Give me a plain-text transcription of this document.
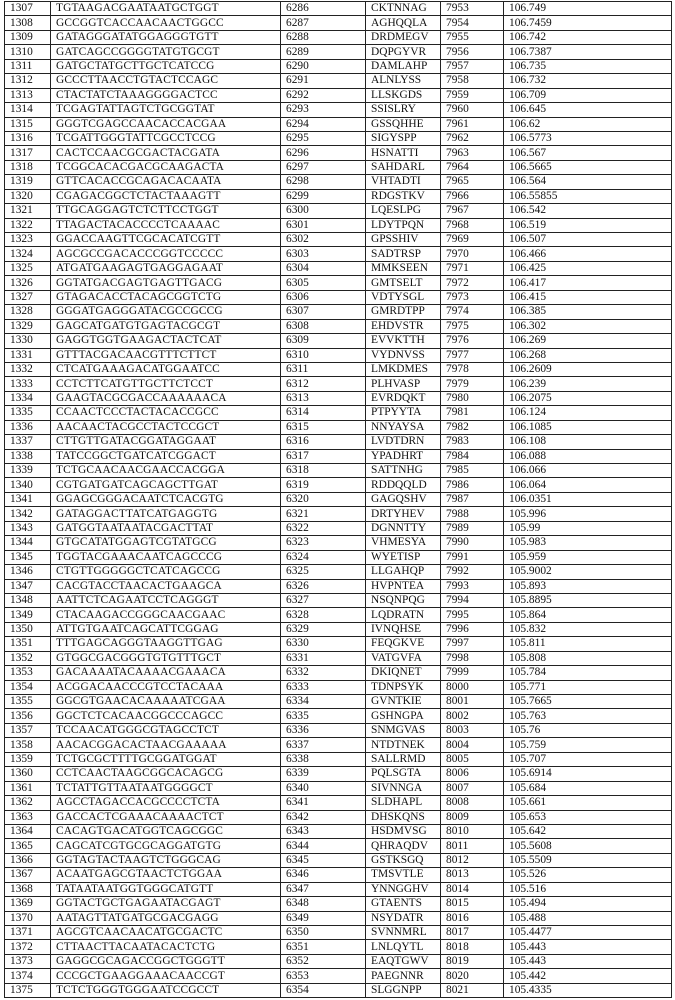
1307	TGTAAGACGAATAATGCTGGT	6286	CKTNNAG	7953	106.749
1308	GCCGGTCACCAACAACTGGCC	6287	AGHQQLA	7954	106.7459
1309	GATAGGGATATGGAGGGTGTT	6288	DRDMEGV	7955	106.742
1310	GATCAGCCGGGGTATGTGCGT	6289	DQPGYVR	7956	106.7387
1311	GATGCTATGCTTGCTCATCCG	6290	DAMLAHP	7957	106.735
1312	GCCCTTAACCTGTACTCCAGC	6291	ALNLYSS	7958	106.732
1313	CTACTATCTAAAGGGGACTCC	6292	LLSKGDS	7959	106.709
1314	TCGAGTATTAGTCTGCGGTAT	6293	SSISLRY	7960	106.645
1315	GGGTCGAGCCAACACCACGAA	6294	GSSQHHE	7961	106.62
1316	TCGATTGGGTATTCGCCTCCG	6295	SIGYSPP	7962	106.5773
1317	CACTCCAACGCGACTACGATA	6296	HSNATTI	7963	106.567
1318	TCGGCACACGACGCAAGACTA	6297	SAHDARL	7964	106.5665
1319	GTTCACACCGCAGACACAATA	6298	VHTADTI	7965	106.564
1320	CGAGACGGCTCTACTAAAGTT	6299	RDGSTKV	7966	106.55855
1321	TTGCAGGAGTCTCTTCCTGGT	6300	LQESLPG	7967	106.542
1322	TTAGACTACACCCCTCAAAAC	6301	LDYTPQN	7968	106.519
1323	GGACCAAGTTCGCACATCGTT	6302	GPSSHIV	7969	106.507
1324	AGCGCCGACACCCGGTCCCCC	6303	SADTRSP	7970	106.466
1325	ATGATGAAGAGTGAGGAGAAT	6304	MMKSEEN	7971	106.425
1326	GGTATGACGAGTGAGTTGACG	6305	GMTSELT	7972	106.417
1327	GTAGACACCTACAGCGGTCTG	6306	VDTYSGL	7973	106.415
1328	GGGATGAGGGATACGCCGCCG	6307	GMRDTPP	7974	106.385
1329	GAGCATGATGTGAGTACGCGT	6308	EHDVSTR	7975	106.302
1330	GAGGTGGTGAAGACTACTCAT	6309	EVVKTTH	7976	106.269
1331	GTTTACGACAACGTTTCTTCT	6310	VYDNVSS	7977	106.268
1332	CTCATGAAAGACATGGAATCC	6311	LMKDMES	7978	106.2609
1333	CCTCTTCATGTTGCTTCTCCT	6312	PLHVASP	7979	106.239
1334	GAAGTACGCGACCAAAAAACA	6313	EVRDQKT	7980	106.2075
1335	CCAACTCCCTACTACACCGCC	6314	PTPYYTA	7981	106.124
1336	AACAACTACGCCTACTCCGCT	6315	NNYAYSA	7982	106.1085
1337	CTTGTTGATACGGATAGGAAT	6316	LVDTDRN	7983	106.108
1338	TATCCGGCTGATCATCGGACT	6317	YPADHRT	7984	106.088
1339	TCTGCAACAACGAACCACGGA	6318	SATTNHG	7985	106.066
1340	CGTGATGATCAGCAGCTTGAT	6319	RDDQQLD	7986	106.064
1341	GGAGCGGGACAATCTCACGTG	6320	GAGQSHV	7987	106.0351
1342	GATAGGACTTATCATGAGGTG	6321	DRTYHEV	7988	105.996
1343	GATGGTAATAATACGACTTAT	6322	DGNNTTY	7989	105.99
1344	GTGCATATGGAGTCGTATGCG	6323	VHMESYA	7990	105.983
1345	TGGTACGAAACAATCAGCCCG	6324	WYETISP	7991	105.959
1346	CTGTTGGGGGCTCATCAGCCG	6325	LLGAHQP	7992	105.9002
1347	CACGTACCTAACACTGAAGCA	6326	HVPNTEA	7993	105.893
1348	AATTCTCAGAATCCTCAGGGT	6327	NSQNPQG	7994	105.8895
1349	CTACAAGACCGGGCAACGAAC	6328	LQDRATN	7995	105.864
1350	ATTGTGAATCAGCATTCGGAG	6329	IVNQHSE	7996	105.832
1351	TTTGAGCAGGGTAAGGTTGAG	6330	FEQGKVE	7997	105.811
1352	GTGGCGACGGGTGTGTTTGCT	6331	VATGVFA	7998	105.808
1353	GACAAAATACAAAACGAAACA	6332	DKIQNET	7999	105.784
1354	ACGGACAACCCGTCCTACAAA	6333	TDNPSYK	8000	105.771
1355	GGCGTGAACACAAAAATCGAA	6334	GVNTKIE	8001	105.7665
1356	GGCTCTCACAACGGCCCAGCC	6335	GSHNGPA	8002	105.763
1357	TCCAACATGGGCGTAGCCTCT	6336	SNMGVAS	8003	105.76
1358	AACACGGACACTAACGAAAAA	6337	NTDTNEK	8004	105.759
1359	TCTGCGCTTTTGCGGATGGAT	6338	SALLRMD	8005	105.707
1360	CCTCAACTAAGCGGCACAGCG	6339	PQLSGTA	8006	105.6914
1361	TCTATTGTTAATAATGGGGCT	6340	SIVNNGA	8007	105.684
1362	AGCCTAGACCACGCCCCTCTA	6341	SLDHAPL	8008	105.661
1363	GACCACTCGAAACAAAACTCT	6342	DHSKQNS	8009	105.653
1364	CACAGTGACATGGTCAGCGGC	6343	HSDMVSG	8010	105.642
1365	CAGCATCGTGCGCAGGATGTG	6344	QHRAQDV	8011	105.5608
1366	GGTAGTACTAAGTCTGGGCAG	6345	GSTKSGQ	8012	105.5509
1367	ACAATGAGCGTAACTCTGGAA	6346	TMSVTLE	8013	105.526
1368	TATAATAATGGTGGGCATGTT	6347	YNNGGHV	8014	105.516
1369	GGTACTGCTGAGAATACGAGT	6348	GTAENTS	8015	105.494
1370	AATAGTTATGATGCGACGAGG	6349	NSYDATR	8016	105.488
1371	AGCGTCAACAACATGCGACTC	6350	SVNNMRL	8017	105.4477
1372	CTTAACTTACAATACACTCTG	6351	LNLQYTL	8018	105.443
1373	GAGGCGCAGACCGGCTGGGTT	6352	EAQTGWV	8019	105.443
1374	CCCGCTGAAGGAAACAACCGT	6353	PAEGNNR	8020	105.442
1375	TCTCTGGGTGGGAATCCGCCT	6354	SLGGNPP	8021	105.4335
